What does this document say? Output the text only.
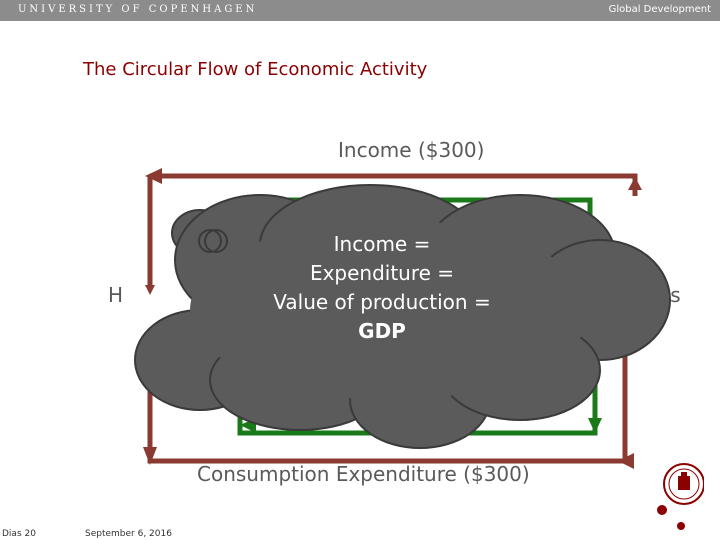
UNIVERSITY OF COPENHAGEN	Global Development
The Circular Flow of Economic Activity
Income ($300)
Consumption Expenditure ($300)
H	es
Income =
Expenditure =
Value of production =
GDP
Dias 20	September 6, 2016
